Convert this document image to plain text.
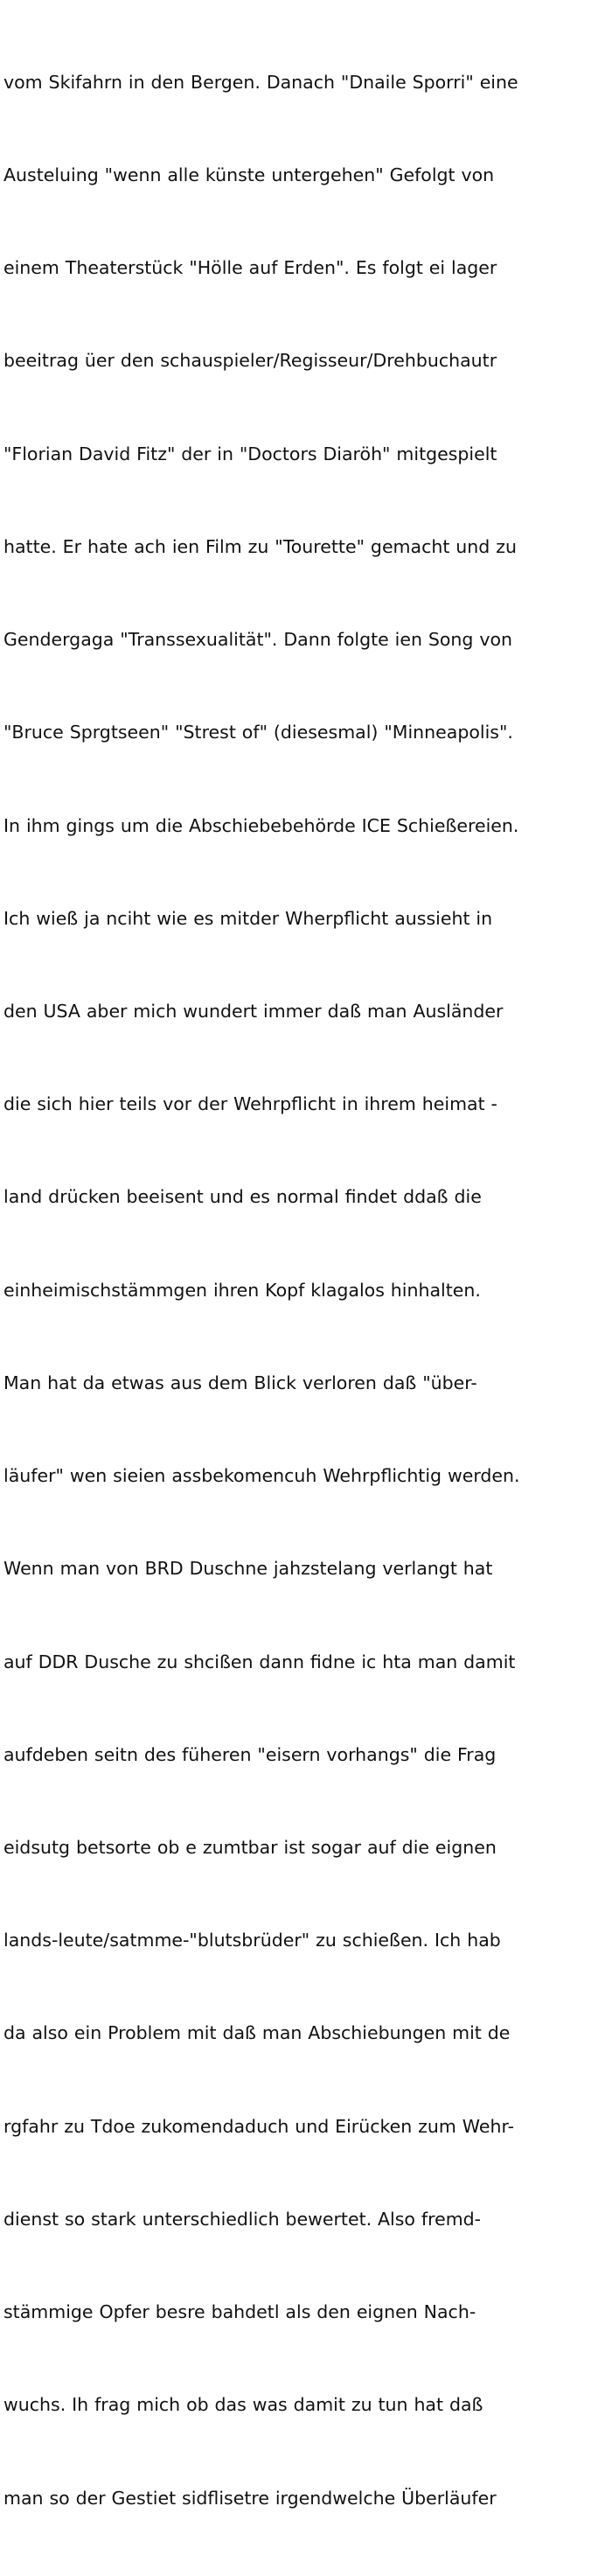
vom Skifahrn in den Bergen. Danach "Dnaile Sporri" eine

Austeluing "wenn alle künste untergehen" Gefolgt von

einem Theaterstück "Hölle auf Erden". Es folgt ei lager

beeitrag üer den schauspieler/Regisseur/Drehbuchautr

"Florian David Fitz" der in "Doctors Diaröh" mitgespielt

hatte. Er hate ach ien Film zu "Tourette" gemacht und zu

Gendergaga "Transsexualität". Dann folgte ien Song von

"Bruce Sprgtseen" "Strest of" (diesesmal) "Minneapolis".

In ihm gings um die Abschiebebehörde ICE Schießereien.

Ich wieß ja nciht wie es mitder Wherpflicht aussieht in

den USA aber mich wundert immer daß man Ausländer

die sich hier teils vor der Wehrpflicht in ihrem heimat -

land drücken beeisent und es normal findet ddaß die

einheimischstämmgen ihren Kopf klagalos hinhalten.

Man hat da etwas aus dem Blick verloren daß "über-

läufer" wen sieien assbekomencuh Wehrpflichtig werden.

Wenn man von BRD Duschne jahzstelang verlangt hat

auf DDR Dusche zu shcißen dann fidne ic hta man damit

aufdeben seitn des füheren "eisern vorhangs" die Frag

eidsutg betsorte ob e zumtbar ist sogar auf die eignen

lands-leute/satmme-"blutsbrüder" zu schießen. Ich hab

da also ein Problem mit daß man Abschiebungen mit de

rgfahr zu Tdoe zukomendaduch und Eirücken zum Wehr-

dienst so stark unterschiedlich bewertet. Also fremd-

stämmige Opfer besre bahdetl als den eignen Nach-

wuchs. Ih frag mich ob das was damit zu tun hat daß

man so der Gestiet sidflisetre irgendwelche Überläufer
